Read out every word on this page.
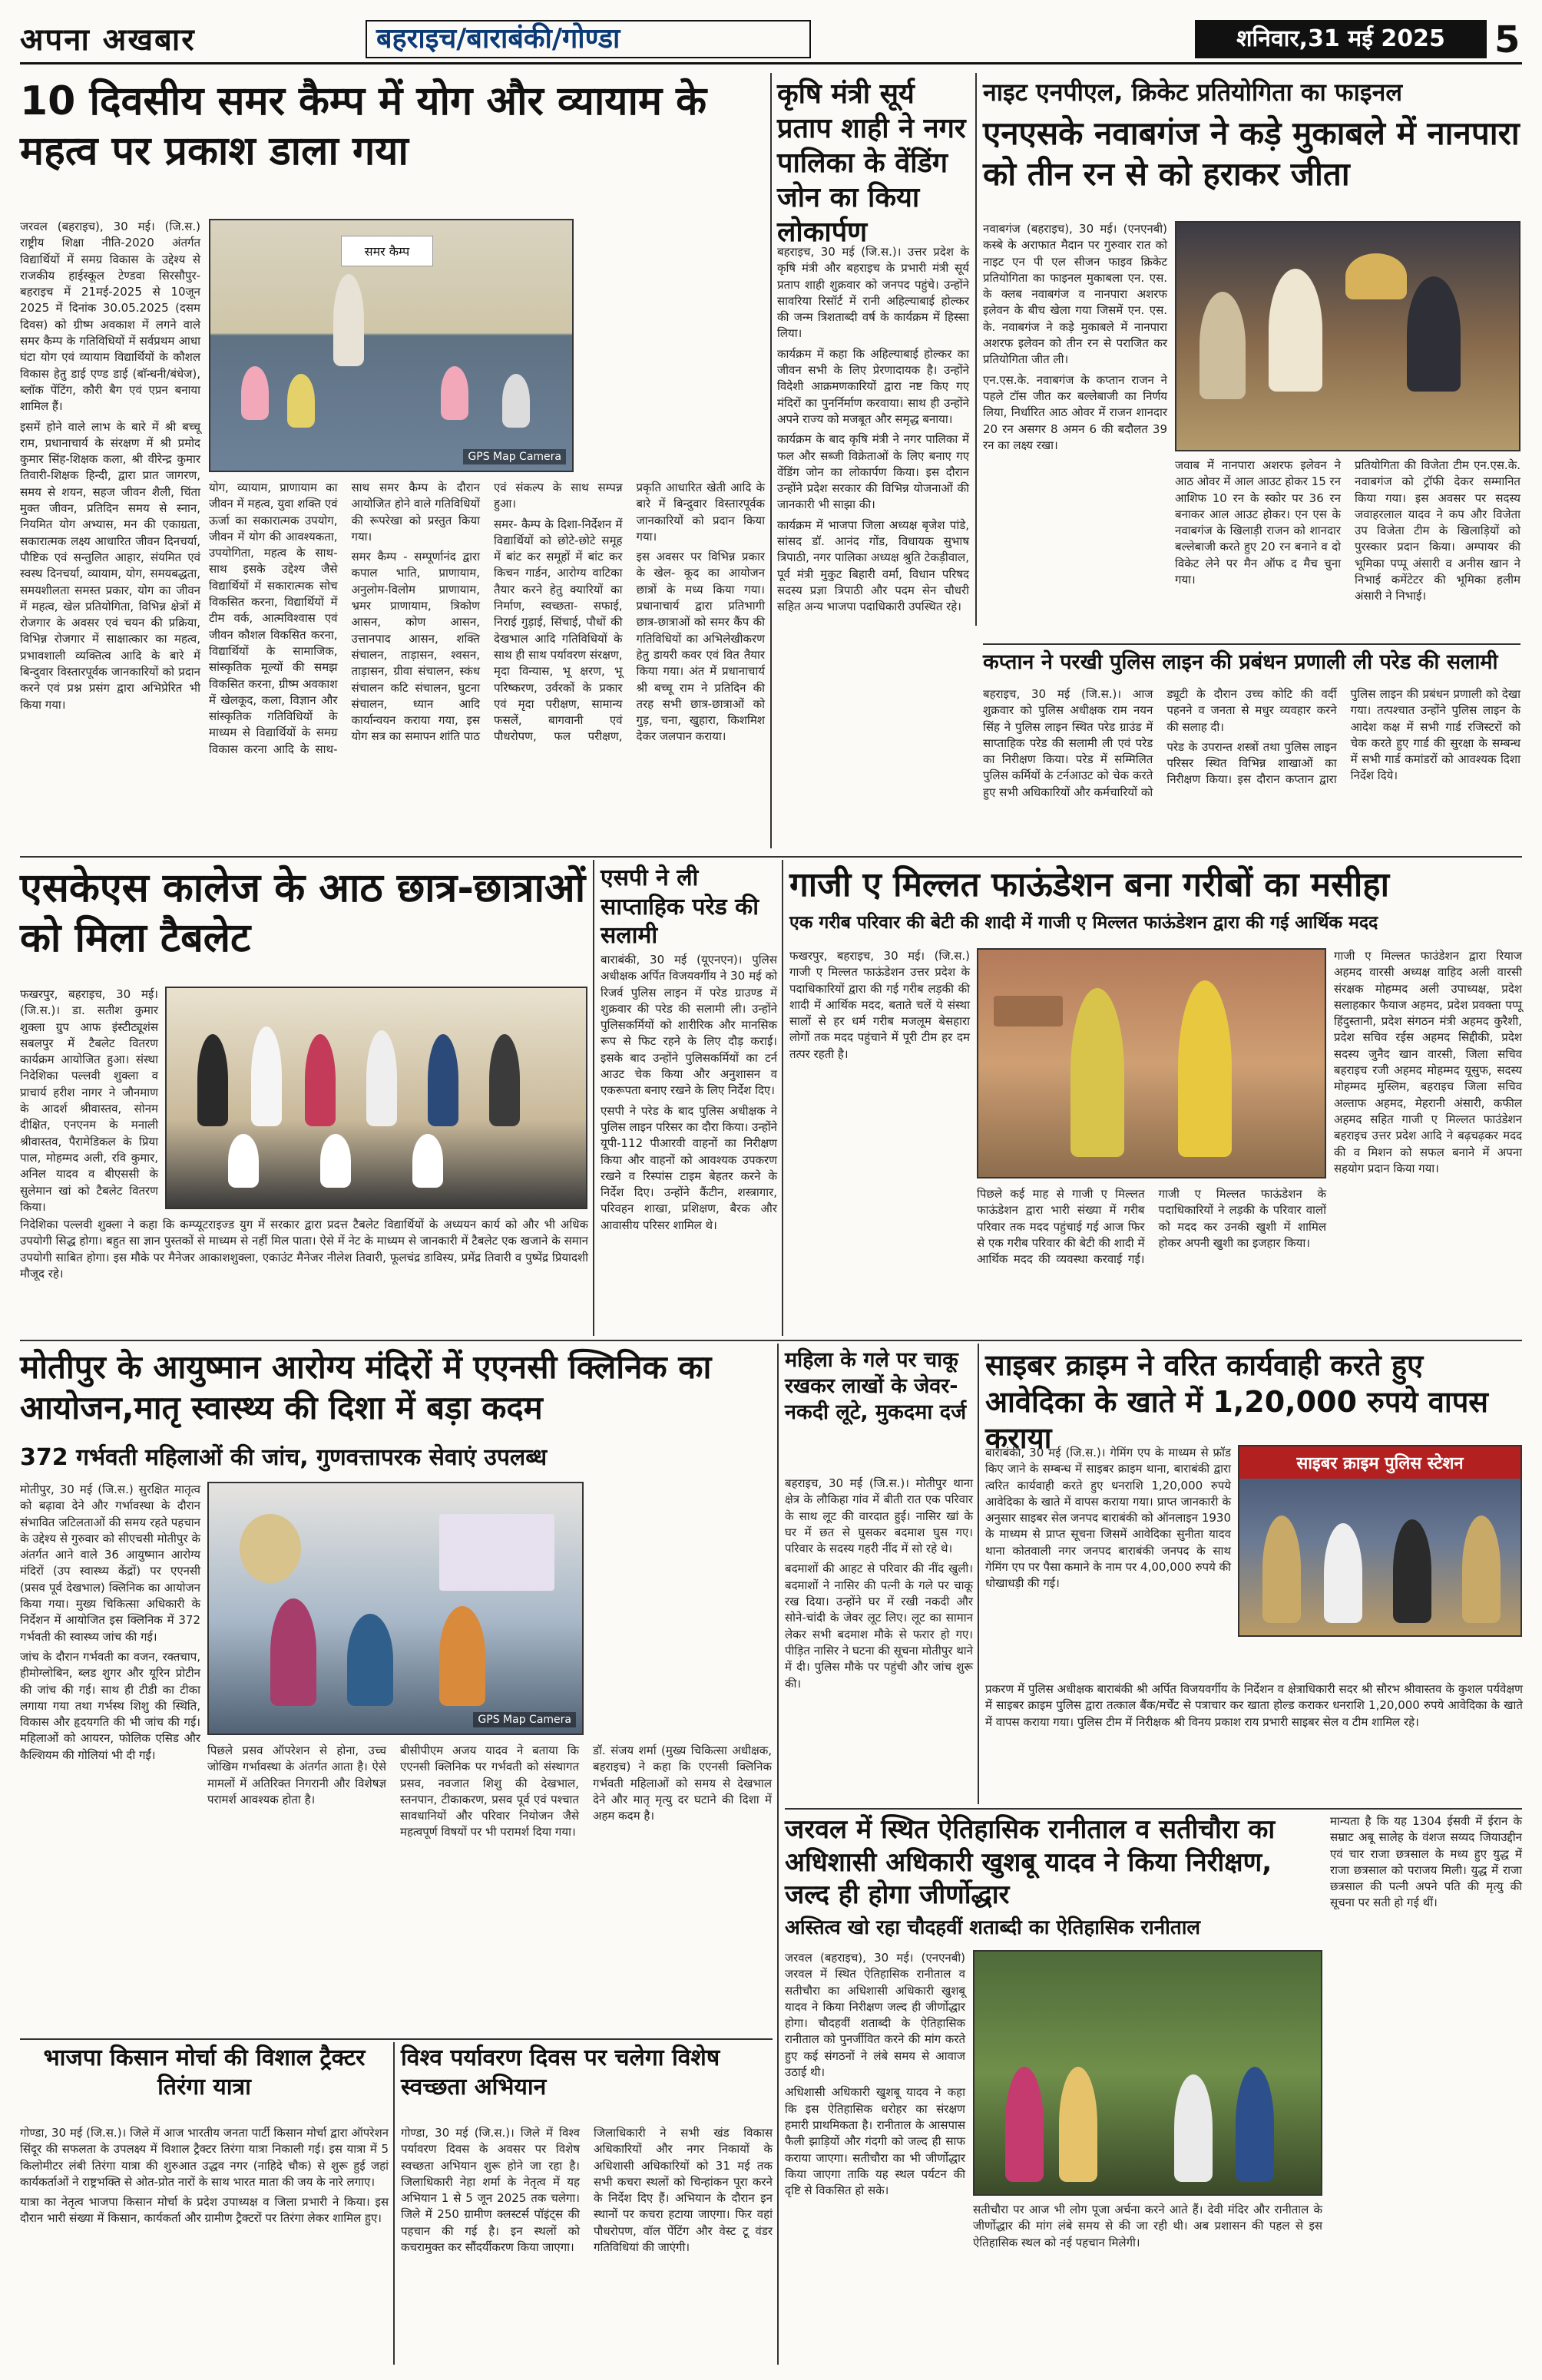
अपना अखबार	बहराइच/बाराबंकी/गोण्डा	शनिवार,31 मई 2025	5
10 दिवसीय समर कैम्प में योग और व्यायाम के महत्व पर प्रकाश डाला गया

जरवल (बहराइच), 30 मई। (जि.स.) राष्ट्रीय शिक्षा नीति-2020 अंतर्गत विद्यार्थियों में समग्र विकास के उद्देश्य से राजकीय हाईस्कूल टेण्डवा सिरसौपुर-बहराइच में 21मई-2025 से 10जून 2025 में दिनांक 30.05.2025 (दसम दिवस) को ग्रीष्म अवकाश में लगने वाले समर कैम्प के गतिविधियों में सर्वप्रथम आधा घंटा योग एवं व्यायाम विद्यार्थियों के कौशल विकास हेतु डाई एण्ड डाई (बाॅन्धनी/बंधेज), ब्लॉक पेंटिंग, कौरी बैग एवं एप्रन बनाया शामिल हैं।

इसमें होने वाले लाभ के बारे में श्री बच्चू राम, प्रधानाचार्य के संरक्षण में श्री प्रमोद कुमार सिंह-शिक्षक कला, श्री वीरेन्द्र कुमार तिवारी-शिक्षक हिन्दी, द्वारा प्रात जागरण, समय से शयन, सहज जीवन शैली, चिंता मुक्त जीवन, प्रतिदिन समय से स्नान, नियमित योग अभ्यास, मन की एकाग्रता, सकारात्मक लक्ष्य आधारित जीवन दिनचर्या, पौष्टिक एवं सन्तुलित आहार, संयमित एवं स्वस्थ दिनचर्या, व्यायाम, योग, समयबद्धता, समयशीलता समस्त प्रकार, योग का जीवन में महत्व, खेल प्रतियोगिता, विभिन्न क्षेत्रों में रोजगार के अवसर एवं चयन की प्रक्रिया, विभिन्न रोजगार में साक्षात्कार का महत्व, प्रभावशाली व्यक्तित्व आदि के बारे में बिन्दुवार विस्तारपूर्वक जानकारियों को प्रदान करने एवं प्रश्न प्रसंग द्वारा अभिप्रेरित भी किया गया।

समर कैम्प
GPS Map Camera

योग, व्यायाम, प्राणायाम का जीवन में महत्व, युवा शक्ति एवं ऊर्जा का सकारात्मक उपयोग, जीवन में योग की आवश्यकता, उपयोगिता, महत्व के साथ- साथ इसके उद्देश्य जैसे विद्यार्थियों में सकारात्मक सोच विकसित करना, विद्यार्थियों में टीम वर्क, आत्मविश्वास एवं जीवन कौशल विकसित करना, विद्यार्थियों के सामाजिक, सांस्कृतिक मूल्यों की समझ विकसित करना, ग्रीष्म अवकाश में खेलकूद, कला, विज्ञान और सांस्कृतिक गतिविधियों के माध्यम से विद्यार्थियों के समग्र विकास करना आदि के साथ-साथ समर कैम्प के दौरान आयोजित होने वाले गतिविधियों की रूपरेखा को प्रस्तुत किया गया।

समर कैम्प - सम्पूर्णानंद द्वारा कपाल भाति, प्राणायाम, अनुलोम-विलोम प्राणायाम, भ्रमर प्राणायाम, त्रिकोण आसन, कोण आसन, उत्तानपाद आसन, शक्ति संचालन, ताड़ासन, श्वसन, ताड़ासन, ग्रीवा संचालन, स्कंध संचालन कटि संचालन, घुटना संचालन, ध्यान आदि कार्यान्वयन कराया गया, इस योग सत्र का समापन शांति पाठ एवं संकल्प के साथ सम्पन्न हुआ।

समर- कैम्प के दिशा-निर्देशन में विद्यार्थियों को छोटे-छोटे समूह में बांट कर समूहों में बांट कर किचन गार्डन, आरोग्य वाटिका तैयार करने हेतु क्यारियों का निर्माण, स्वच्छता- सफाई, निराई गुड़ाई, सिंचाई, पौधों की देखभाल आदि गतिविधियों के साथ ही साथ पर्यावरण संरक्षण, मृदा विन्यास, भू क्षरण, भू परिष्करण, उर्वरकों के प्रकार एवं मृदा परीक्षण, सामान्य फसलें, बागवानी एवं पौधरोपण, फल परीक्षण, प्रकृति आधारित खेती आदि के बारे में बिन्दुवार विस्तारपूर्वक जानकारियों को प्रदान किया गया।

इस अवसर पर विभिन्न प्रकार के खेल- कूद का आयोजन छात्रों के मध्य किया गया। प्रधानाचार्य द्वारा प्रतिभागी छात्र-छात्राओं को समर कैंप की गतिविधियों का अभिलेखीकरण हेतु डायरी कवर एवं वित तैयार किया गया। अंत में प्रधानाचार्य श्री बच्चू राम ने प्रतिदिन की तरह सभी छात्र-छात्राओं को गुड़, चना, खुहारा, किशमिश देकर जलपान कराया।

कृषि मंत्री सूर्य प्रताप शाही ने नगर पालिका के वेंडिंग जोन का किया लोकार्पण

बहराइच, 30 मई (जि.स.)। उत्तर प्रदेश के कृषि मंत्री और बहराइच के प्रभारी मंत्री सूर्य प्रताप शाही शुक्रवार को जनपद पहुंचे। उन्होंने सावरिया रिसॉर्ट में रानी अहिल्याबाई होल्कर की जन्म त्रिशताब्दी वर्ष के कार्यक्रम में हिस्सा लिया।

कार्यक्रम में कहा कि अहिल्याबाई होल्कर का जीवन सभी के लिए प्रेरणादायक है। उन्होंने विदेशी आक्रमणकारियों द्वारा नष्ट किए गए मंदिरों का पुनर्निर्माण करवाया। साथ ही उन्होंने अपने राज्य को मजबूत और समृद्ध बनाया।

कार्यक्रम के बाद कृषि मंत्री ने नगर पालिका में फल और सब्जी विक्रेताओं के लिए बनाए गए वेंडिंग जोन का लोकार्पण किया। इस दौरान उन्होंने प्रदेश सरकार की विभिन्न योजनाओं की जानकारी भी साझा की।

कार्यक्रम में भाजपा जिला अध्यक्ष बृजेश पांडे, सांसद डॉ. आनंद गोंड, विधायक सुभाष त्रिपाठी, नगर पालिका अध्यक्ष श्रुति टेकड़ीवाल, पूर्व मंत्री मुकुट बिहारी वर्मा, विधान परिषद सदस्य प्रज्ञा त्रिपाठी और पदम सेन चौधरी सहित अन्य भाजपा पदाधिकारी उपस्थित रहे।

नाइट एनपीएल, क्रिकेट प्रतियोगिता का फाइनल
एनएसके नवाबगंज ने कड़े मुकाबले में नानपारा को तीन रन से को हराकर जीता

नवाबगंज (बहराइच), 30 मई। (एनएनबी) कस्बे के अराफात मैदान पर गुरुवार रात को नाइट एन पी एल सीजन फाइव क्रिकेट प्रतियोगिता का फाइनल मुकाबला एन. एस. के क्लब नवाबगंज व नानपारा अशरफ इलेवन के बीच खेला गया जिसमें एन. एस. के. नवाबगंज ने कड़े मुकाबले में नानपारा अशरफ इलेवन को तीन रन से पराजित कर प्रतियोगिता जीत ली।

एन.एस.के. नवाबगंज के कप्तान राजन ने पहले टॉस जीत कर बल्लेबाजी का निर्णय लिया, निर्धारित आठ ओवर में राजन शानदार 20 रन असगर 8 अमन 6 की बदौलत 39 रन का लक्ष्य रखा।

जवाब में नानपारा अशरफ इलेवन ने आठ ओवर में आल आउट होकर 15 रन आशिफ 10 रन के स्कोर पर 36 रन बनाकर आल आउट होकर। एन एस के नवाबगंज के खिलाड़ी राजन को शानदार बल्लेबाजी करते हुए 20 रन बनाने व दो विकेट लेने पर मैन ऑफ द मैच चुना गया।

प्रतियोगिता की विजेता टीम एन.एस.के. नवाबगंज को ट्रॉफी देकर सम्मानित किया गया। इस अवसर पर सदस्य जवाहरलाल यादव ने कप और विजेता उप विजेता टीम के खिलाड़ियों को पुरस्कार प्रदान किया। अम्पायर की भूमिका पप्पू अंसारी व अनीस खान ने निभाई कमेंटेटर की भूमिका हलीम अंसारी ने निभाई।

कप्तान ने परखी पुलिस लाइन की प्रबंधन प्रणाली ली परेड की सलामी

बहराइच, 30 मई (जि.स.)। आज शुक्रवार को पुलिस अधीक्षक राम नयन सिंह ने पुलिस लाइन स्थित परेड ग्राउंड में साप्ताहिक परेड की सलामी ली एवं परेड का निरीक्षण किया। परेड में सम्मिलित पुलिस कर्मियों के टर्नआउट को चेक करते हुए सभी अधिकारियों और कर्मचारियों को ड्यूटी के दौरान उच्च कोटि की वर्दी पहनने व जनता से मधुर व्यवहार करने की सलाह दी।

परेड के उपरान्त शस्त्रों तथा पुलिस लाइन परिसर स्थित विभिन्न शाखाओं का निरीक्षण किया। इस दौरान कप्तान द्वारा पुलिस लाइन की प्रबंधन प्रणाली को देखा गया। तत्पश्चात उन्होंने पुलिस लाइन के आदेश कक्ष में सभी गार्ड रजिस्टरों को चेक करते हुए गार्ड की सुरक्षा के सम्बन्ध में सभी गार्ड कमांडरों को आवश्यक दिशा निर्देश दिये।

एसकेएस कालेज के आठ छात्र-छात्राओं को मिला टैबलेट

फखरपुर, बहराइच, 30 मई। (जि.स.)। डा. सतीश कुमार शुक्ला ग्रुप आफ इंस्टीट्यूशंस सबलपुर में टैबलेट वितरण कार्यक्रम आयोजित हुआ। संस्था निदेशिका पल्लवी शुक्ला व प्राचार्य हरीश नागर ने जौनमाण के आदर्श श्रीवास्तव, सोनम दीक्षित, एनएनम के मनाली श्रीवास्तव, पैरामेडिकल के प्रिया पाल, मोहम्मद अली, रवि कुमार, अनिल यादव व बीएससी के सुलेमान खां को टैबलेट वितरण किया।

निदेशिका पल्लवी शुक्ला ने कहा कि कम्प्यूटराइज्ड युग में सरकार द्वारा प्रदत्त टैबलेट विद्यार्थियों के अध्ययन कार्य को और भी अधिक उपयोगी सिद्ध होगा। बहुत सा ज्ञान पुस्तकों से माध्यम से नहीं मिल पाता। ऐसे में नेट के माध्यम से जानकारी में टैबलेट एक खजाने के समान उपयोगी साबित होगा। इस मौके पर मैनेजर आकाशशुक्ला, एकाउंट मैनेजर नीलेश तिवारी, फूलचंद्र डाविस्य, प्रमेंद्र तिवारी व पुष्पेंद्र प्रियादशी मौजूद रहे।

एसपी ने ली साप्ताहिक परेड की सलामी

बाराबंकी, 30 मई (यूएनएन)। पुलिस अधीक्षक अर्पित विजयवर्गीय ने 30 मई को रिजर्व पुलिस लाइन में परेड ग्राउण्ड में शुक्रवार की परेड की सलामी ली। उन्होंने पुलिसकर्मियों को शारीरिक और मानसिक रूप से फिट रहने के लिए दौड़ कराई। इसके बाद उन्होंने पुलिसकर्मियों का टर्न आउट चेक किया और अनुशासन व एकरूपता बनाए रखने के लिए निर्देश दिए।

एसपी ने परेड के बाद पुलिस अधीक्षक ने पुलिस लाइन परिसर का दौरा किया। उन्होंने यूपी-112 पीआरवी वाहनों का निरीक्षण किया और वाहनों को आवश्यक उपकरण रखने व रिस्पांस टाइम बेहतर करने के निर्देश दिए। उन्होंने कैंटीन, शस्त्रागार, परिवहन शाखा, प्रशिक्षण, बैरक और आवासीय परिसर शामिल थे।

गाजी ए मिल्लत फाऊंडेशन बना गरीबों का मसीहा
एक गरीब परिवार की बेटी की शादी में गाजी ए मिल्लत फाऊंडेशन द्वारा की गई आर्थिक मदद

फखरपुर, बहराइच, 30 मई। (जि.स.) गाजी ए मिल्लत फाऊंडेशन उत्तर प्रदेश के पदाधिकारियों द्वारा की गई गरीब लड़की की शादी में आर्थिक मदद, बताते चलें ये संस्था सालों से हर धर्म गरीब मजलूम बेसहारा लोगों तक मदद पहुंचाने में पूरी टीम हर दम तत्पर रहती है।

पिछले कई माह से गाजी ए मिल्लत फाऊंडेशन द्वारा भारी संख्या में गरीब परिवार तक मदद पहुंचाई गई आज फिर से एक गरीब परिवार की बेटी की शादी में आर्थिक मदद की व्यवस्था करवाई गई। गाजी ए मिल्लत फाऊंडेशन के पदाधिकारियों ने लड़की के परिवार वालों को मदद कर उनकी खुशी में शामिल होकर अपनी खुशी का इजहार किया।

गाजी ए मिल्लत फाउंडेशन द्वारा रियाज अहमद वारसी अध्यक्ष वाहिद अली वारसी संरक्षक मोहम्मद अली उपाध्यक्ष, प्रदेश सलाहकार फैयाज अहमद, प्रदेश प्रवक्ता पप्पू हिंदुस्तानी, प्रदेश संगठन मंत्री अहमद कुरैशी, प्रदेश सचिव रईस अहमद सिद्दीकी, प्रदेश सदस्य जुनैद खान वारसी, जिला सचिव बहराइच रजी अहमद मोहम्मद यूसुफ, सदस्य मोहम्मद मुस्लिम, बहराइच जिला सचिव अल्ताफ अहमद, मेहरानी अंसारी, कफील अहमद सहित गाजी ए मिल्लत फाउंडेशन बहराइच उत्तर प्रदेश आदि ने बढ़चढ़कर मदद की व मिशन को सफल बनाने में अपना सहयोग प्रदान किया गया।

मोतीपुर के आयुष्मान आरोग्य मंदिरों में एएनसी क्लिनिक का आयोजन,मातृ स्वास्थ्य की दिशा में बड़ा कदम
372 गर्भवती महिलाओं की जांच, गुणवत्तापरक सेवाएं उपलब्ध

मोतीपुर, 30 मई (जि.स.) सुरक्षित मातृत्व को बढ़ावा देने और गर्भावस्था के दौरान संभावित जटिलताओं की समय रहते पहचान के उद्देश्य से गुरुवार को सीएचसी मोतीपुर के अंतर्गत आने वाले 36 आयुष्मान आरोग्य मंदिरों (उप स्वास्थ्य केंद्रों) पर एएनसी (प्रसव पूर्व देखभाल) क्लिनिक का आयोजन किया गया। मुख्य चिकित्सा अधिकारी के निर्देशन में आयोजित इस क्लिनिक में 372 गर्भवती की स्वास्थ्य जांच की गई।

जांच के दौरान गर्भवती का वजन, रक्तचाप, हीमोग्लोबिन, ब्लड शुगर और यूरिन प्रोटीन की जांच की गई। साथ ही टीडी का टीका लगाया गया तथा गर्भस्थ शिशु की स्थिति, विकास और हृदयगति की भी जांच की गई। महिलाओं को आयरन, फोलिक एसिड और कैल्शियम की गोलियां भी दी गईं।

GPS Map Camera

पिछले प्रसव ऑपरेशन से होना, उच्च जोखिम गर्भावस्था के अंतर्गत आता है। ऐसे मामलों में अतिरिक्त निगरानी और विशेषज्ञ परामर्श आवश्यक होता है।

बीसीपीएम अजय यादव ने बताया कि एएनसी क्लिनिक पर गर्भवती को संस्थागत प्रसव, नवजात शिशु की देखभाल, स्तनपान, टीकाकरण, प्रसव पूर्व एवं पश्चात सावधानियों और परिवार नियोजन जैसे महत्वपूर्ण विषयों पर भी परामर्श दिया गया।

डॉ. संजय शर्मा (मुख्य चिकित्सा अधीक्षक, बहराइच) ने कहा कि एएनसी क्लिनिक गर्भवती महिलाओं को समय से देखभाल देने और मातृ मृत्यु दर घटाने की दिशा में अहम कदम है।

भाजपा किसान मोर्चा की विशाल ट्रैक्टर तिरंगा यात्रा

गोण्डा, 30 मई (जि.स.)। जिले में आज भारतीय जनता पार्टी किसान मोर्चा द्वारा ऑपरेशन सिंदूर की सफलता के उपलक्ष्य में विशाल ट्रैक्टर तिरंगा यात्रा निकाली गई। इस यात्रा में 5 किलोमीटर लंबी तिरंगा यात्रा की शुरुआत उद्धव नगर (नाहिदे चौक) से शुरू हुई जहां कार्यकर्ताओं ने राष्ट्रभक्ति से ओत-प्रोत नारों के साथ भारत माता की जय के नारे लगाए।

यात्रा का नेतृत्व भाजपा किसान मोर्चा के प्रदेश उपाध्यक्ष व जिला प्रभारी ने किया। इस दौरान भारी संख्या में किसान, कार्यकर्ता और ग्रामीण ट्रैक्टरों पर तिरंगा लेकर शामिल हुए।

विश्व पर्यावरण दिवस पर चलेगा विशेष स्वच्छता अभियान

गोण्डा, 30 मई (जि.स.)। जिले में विश्व पर्यावरण दिवस के अवसर पर विशेष स्वच्छता अभियान शुरू होने जा रहा है। जिलाधिकारी नेहा शर्मा के नेतृत्व में यह अभियान 1 से 5 जून 2025 तक चलेगा। जिले में 250 ग्रामीण क्लस्टर्स पॉइंट्स की पहचान की गई है। इन स्थलों को कचरामुक्त कर सौंदर्यीकरण किया जाएगा।

जिलाधिकारी ने सभी खंड विकास अधिकारियों और नगर निकायों के अधिशासी अधिकारियों को 31 मई तक सभी कचरा स्थलों को चिन्हांकन पूरा करने के निर्देश दिए हैं। अभियान के दौरान इन स्थानों पर कचरा हटाया जाएगा। फिर वहां पौधरोपण, वॉल पेंटिंग और वेस्ट टू वंडर गतिविधियां की जाएंगी।

महिला के गले पर चाकू रखकर लाखों के जेवर-नकदी लूटे, मुकदमा दर्ज

बहराइच, 30 मई (जि.स.)। मोतीपुर थाना क्षेत्र के लौकिहा गांव में बीती रात एक परिवार के साथ लूट की वारदात हुई। नासिर खां के घर में छत से घुसकर बदमाश घुस गए। परिवार के सदस्य गहरी नींद में सो रहे थे।

बदमाशों की आहट से परिवार की नींद खुली। बदमाशों ने नासिर की पत्नी के गले पर चाकू रख दिया। उन्होंने घर में रखी नकदी और सोने-चांदी के जेवर लूट लिए। लूट का सामान लेकर सभी बदमाश मौके से फरार हो गए। पीड़ित नासिर ने घटना की सूचना मोतीपुर थाने में दी। पुलिस मौके पर पहुंची और जांच शुरू की।

साइबर क्राइम ने वरित कार्यवाही करते हुए आवेदिका के खाते में 1,20,000 रुपये वापस कराया

बाराबंकी, 30 मई (जि.स.)। गेमिंग एप के माध्यम से फ्रॉड किए जाने के सम्बन्ध में साइबर क्राइम थाना, बाराबंकी द्वारा त्वरित कार्यवाही करते हुए धनराशि 1,20,000 रुपये आवेदिका के खाते में वापस कराया गया। प्राप्त जानकारी के अनुसार साइबर सेल जनपद बाराबंकी को ऑनलाइन 1930 के माध्यम से प्राप्त सूचना जिसमें आवेदिका सुनीता यादव थाना कोतवाली नगर जनपद बाराबंकी जनपद के साथ गेमिंग एप पर पैसा कमाने के नाम पर 4,00,000 रुपये की धोखाधड़ी की गई।

साइबर क्राइम पुलिस स्टेशन

प्रकरण में पुलिस अधीक्षक बाराबंकी श्री अर्पित विजयवर्गीय के निर्देशन व क्षेत्राधिकारी सदर श्री सौरभ श्रीवास्तव के कुशल पर्यवेक्षण में साइबर क्राइम पुलिस द्वारा तत्काल बैंक/मर्चेंट से पत्राचार कर खाता होल्ड कराकर धनराशि 1,20,000 रुपये आवेदिका के खाते में वापस कराया गया। पुलिस टीम में निरीक्षक श्री विनय प्रकाश राय प्रभारी साइबर सेल व टीम शामिल रहे।

जरवल में स्थित ऐतिहासिक रानीताल व सतीचौरा का अधिशासी अधिकारी खुशबू यादव ने किया निरीक्षण, जल्द ही होगा जीर्णोद्धार
अस्तित्व खो रहा चौदहवीं शताब्दी का ऐतिहासिक रानीताल

जरवल (बहराइच), 30 मई। (एनएनबी) जरवल में स्थित ऐतिहासिक रानीताल व सतीचौरा का अधिशासी अधिकारी खुशबू यादव ने किया निरीक्षण जल्द ही जीर्णोद्धार होगा। चौदहवीं शताब्दी के ऐतिहासिक रानीताल को पुनर्जीवित करने की मांग करते हुए कई संगठनों ने लंबे समय से आवाज उठाई थी।

अधिशासी अधिकारी खुशबू यादव ने कहा कि इस ऐतिहासिक धरोहर का संरक्षण हमारी प्राथमिकता है। रानीताल के आसपास फैली झाड़ियों और गंदगी को जल्द ही साफ कराया जाएगा। सतीचौरा का भी जीर्णोद्धार किया जाएगा ताकि यह स्थल पर्यटन की दृष्टि से विकसित हो सके।

सतीचौरा पर आज भी लोग पूजा अर्चना करने आते हैं। देवी मंदिर और रानीताल के जीर्णोद्धार की मांग लंबे समय से की जा रही थी। अब प्रशासन की पहल से इस ऐतिहासिक स्थल को नई पहचान मिलेगी।

मान्यता है कि यह 1304 ईसवी में ईरान के सम्राट अबू सालेह के वंशज सय्यद जियाउद्दीन एवं चार राजा छत्रसाल के मध्य हुए युद्ध में राजा छत्रसाल को पराजय मिली। युद्ध में राजा छत्रसाल की पत्नी अपने पति की मृत्यु की सूचना पर सती हो गई थीं।
